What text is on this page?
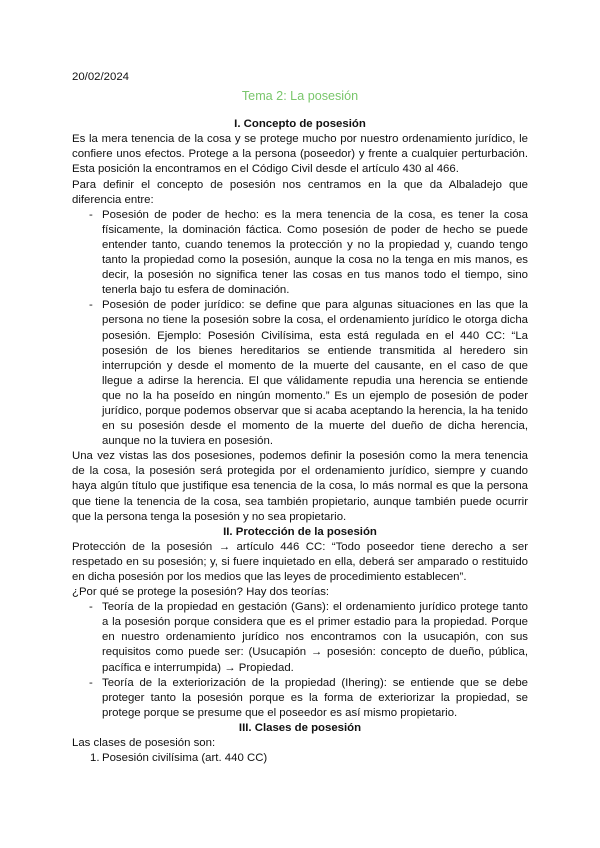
20/02/2024
Tema 2: La posesión
I. Concepto de posesión

Es la mera tenencia de la cosa y se protege mucho por nuestro ordenamiento jurídico, le confiere unos efectos. Protege a la persona (poseedor) y frente a cualquier perturbación. Esta posición la encontramos en el Código Civil desde el artículo 430 al 466.

Para definir el concepto de posesión nos centramos en la que da Albaladejo que diferencia entre:

- Posesión de poder de hecho: es la mera tenencia de la cosa, es tener la cosa físicamente, la dominación fáctica. Como posesión de poder de hecho se puede entender tanto, cuando tenemos la protección y no la propiedad y, cuando tengo tanto la propiedad como la posesión, aunque la cosa no la tenga en mis manos, es decir, la posesión no significa tener las cosas en tus manos todo el tiempo, sino tenerla bajo tu esfera de dominación.
- Posesión de poder jurídico: se define que para algunas situaciones en las que la persona no tiene la posesión sobre la cosa, el ordenamiento jurídico le otorga dicha posesión. Ejemplo: Posesión Civilísima, esta está regulada en el 440 CC: “La posesión de los bienes hereditarios se entiende transmitida al heredero sin interrupción y desde el momento de la muerte del causante, en el caso de que llegue a adirse la herencia. El que válidamente repudia una herencia se entiende que no la ha poseído en ningún momento.” Es un ejemplo de posesión de poder jurídico, porque podemos observar que si acaba aceptando la herencia, la ha tenido en su posesión desde el momento de la muerte del dueño de dicha herencia, aunque no la tuviera en posesión.

Una vez vistas las dos posesiones, podemos definir la posesión como la mera tenencia de la cosa, la posesión será protegida por el ordenamiento jurídico, siempre y cuando haya algún título que justifique esa tenencia de la cosa, lo más normal es que la persona que tiene la tenencia de la cosa, sea también propietario, aunque también puede ocurrir que la persona tenga la posesión y no sea propietario.

II. Protección de la posesión

Protección de la posesión → artículo 446 CC: “Todo poseedor tiene derecho a ser respetado en su posesión; y, si fuere inquietado en ella, deberá ser amparado o restituido en dicha posesión por los medios que las leyes de procedimiento establecen”.

¿Por qué se protege la posesión? Hay dos teorías:

- Teoría de la propiedad en gestación (Gans): el ordenamiento jurídico protege tanto a la posesión porque considera que es el primer estadio para la propiedad. Porque en nuestro ordenamiento jurídico nos encontramos con la usucapión, con sus requisitos como puede ser: (Usucapión → posesión: concepto de dueño, pública, pacífica e interrumpida) → Propiedad.
- Teoría de la exteriorización de la propiedad (Ihering): se entiende que se debe proteger tanto la posesión porque es la forma de exteriorizar la propiedad, se protege porque se presume que el poseedor es así mismo propietario.
III. Clases de posesión

Las clases de posesión son:

1. Posesión civilísima (art. 440 CC)
